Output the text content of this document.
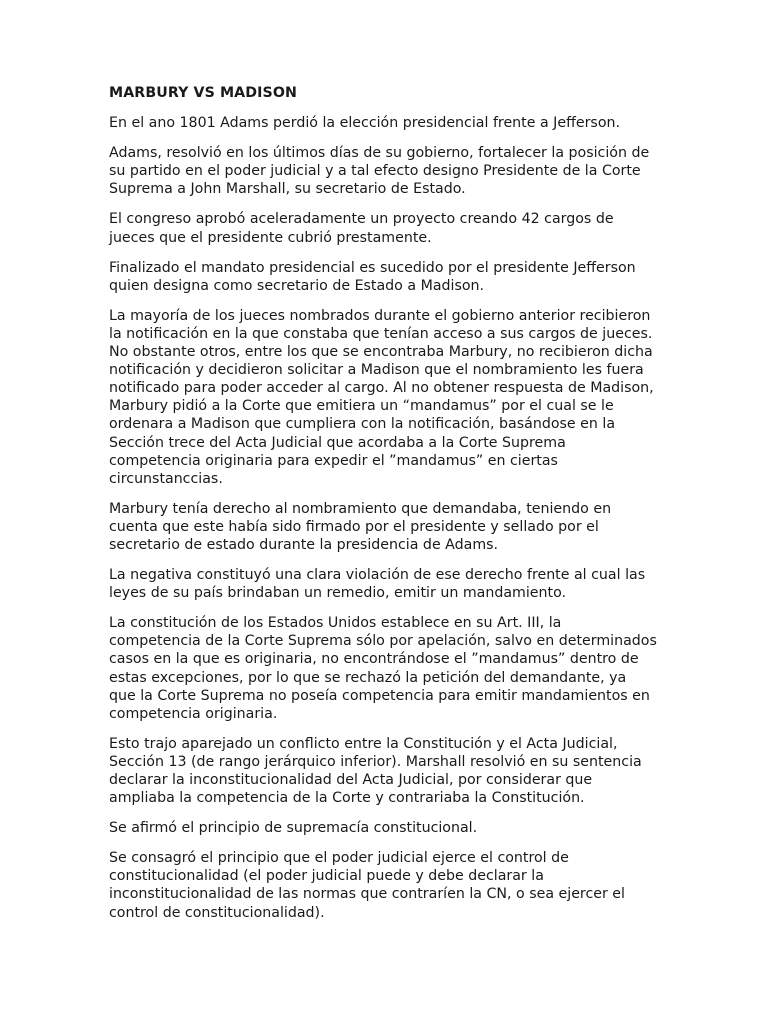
MARBURY VS MADISON
En el ano 1801 Adams perdió la elección presidencial frente a Jefferson.
Adams, resolvió en los últimos días de su gobierno, fortalecer la posición de
su partido en el poder judicial y a tal efecto designo Presidente de la Corte
Suprema a John Marshall, su secretario de Estado.
El congreso aprobó aceleradamente un proyecto creando 42 cargos de
jueces que el presidente cubrió prestamente.
Finalizado el mandato presidencial es sucedido por el presidente Jefferson
quien designa como secretario de Estado a Madison.
La mayoría de los jueces nombrados durante el gobierno anterior recibieron
la notificación en la que constaba que tenían acceso a sus cargos de jueces.
No obstante otros, entre los que se encontraba Marbury, no recibieron dicha
notificación y decidieron solicitar a Madison que el nombramiento les fuera
notificado para poder acceder al cargo. Al no obtener respuesta de Madison,
Marbury pidió a la Corte que emitiera un “mandamus” por el cual se le
ordenara a Madison que cumpliera con la notificación, basándose en la
Sección trece del Acta Judicial que acordaba a la Corte Suprema
competencia originaria para expedir el ”mandamus” en ciertas
circunstanccias.
Marbury tenía derecho al nombramiento que demandaba, teniendo en
cuenta que este había sido firmado por el presidente y sellado por el
secretario de estado durante la presidencia de Adams.
La negativa constituyó una clara violación de ese derecho frente al cual las
leyes de su país brindaban un remedio, emitir un mandamiento.
La constitución de los Estados Unidos establece en su Art. III, la
competencia de la Corte Suprema sólo por apelación, salvo en determinados
casos en la que es originaria, no encontrándose el ”mandamus” dentro de
estas excepciones, por lo que se rechazó la petición del demandante, ya
que la Corte Suprema no poseía competencia para emitir mandamientos en
competencia originaria.
Esto trajo aparejado un conflicto entre la Constitución y el Acta Judicial,
Sección 13 (de rango jerárquico inferior). Marshall resolvió en su sentencia
declarar la inconstitucionalidad del Acta Judicial, por considerar que
ampliaba la competencia de la Corte y contrariaba la Constitución.
Se afirmó el principio de supremacía constitucional.
Se consagró el principio que el poder judicial ejerce el control de
constitucionalidad (el poder judicial puede y debe declarar la
inconstitucionalidad de las normas que contraríen la CN, o sea ejercer el
control de constitucionalidad).
